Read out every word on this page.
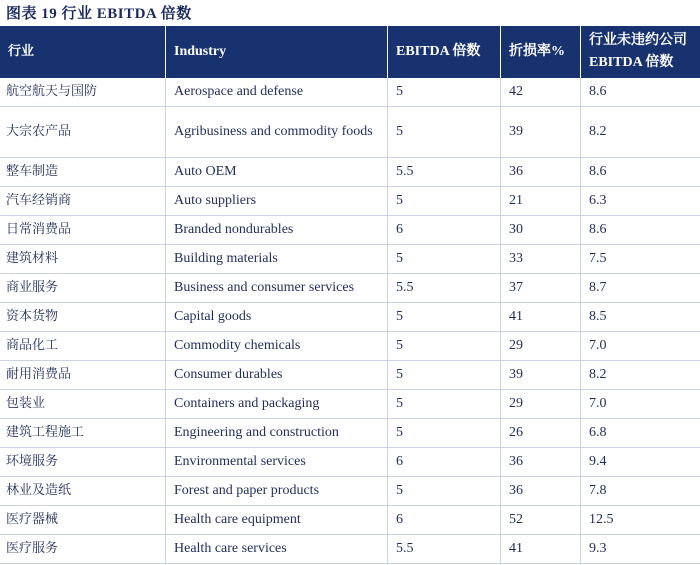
图表 19 行业 EBITDA 倍数
行业	Industry	EBITDA 倍数	折损率%	行业未违约公司 EBITDA 倍数
航空航天与国防	Aerospace and defense	5	42	8.6
大宗农产品	Agribusiness and commodity foods	5	39	8.2
整车制造	Auto OEM	5.5	36	8.6
汽车经销商	Auto suppliers	5	21	6.3
日常消费品	Branded nondurables	6	30	8.6
建筑材料	Building materials	5	33	7.5
商业服务	Business and consumer services	5.5	37	8.7
资本货物	Capital goods	5	41	8.5
商品化工	Commodity chemicals	5	29	7.0
耐用消费品	Consumer durables	5	39	8.2
包装业	Containers and packaging	5	29	7.0
建筑工程施工	Engineering and construction	5	26	6.8
环境服务	Environmental services	6	36	9.4
林业及造纸	Forest and paper products	5	36	7.8
医疗器械	Health care equipment	6	52	12.5
医疗服务	Health care services	5.5	41	9.3
